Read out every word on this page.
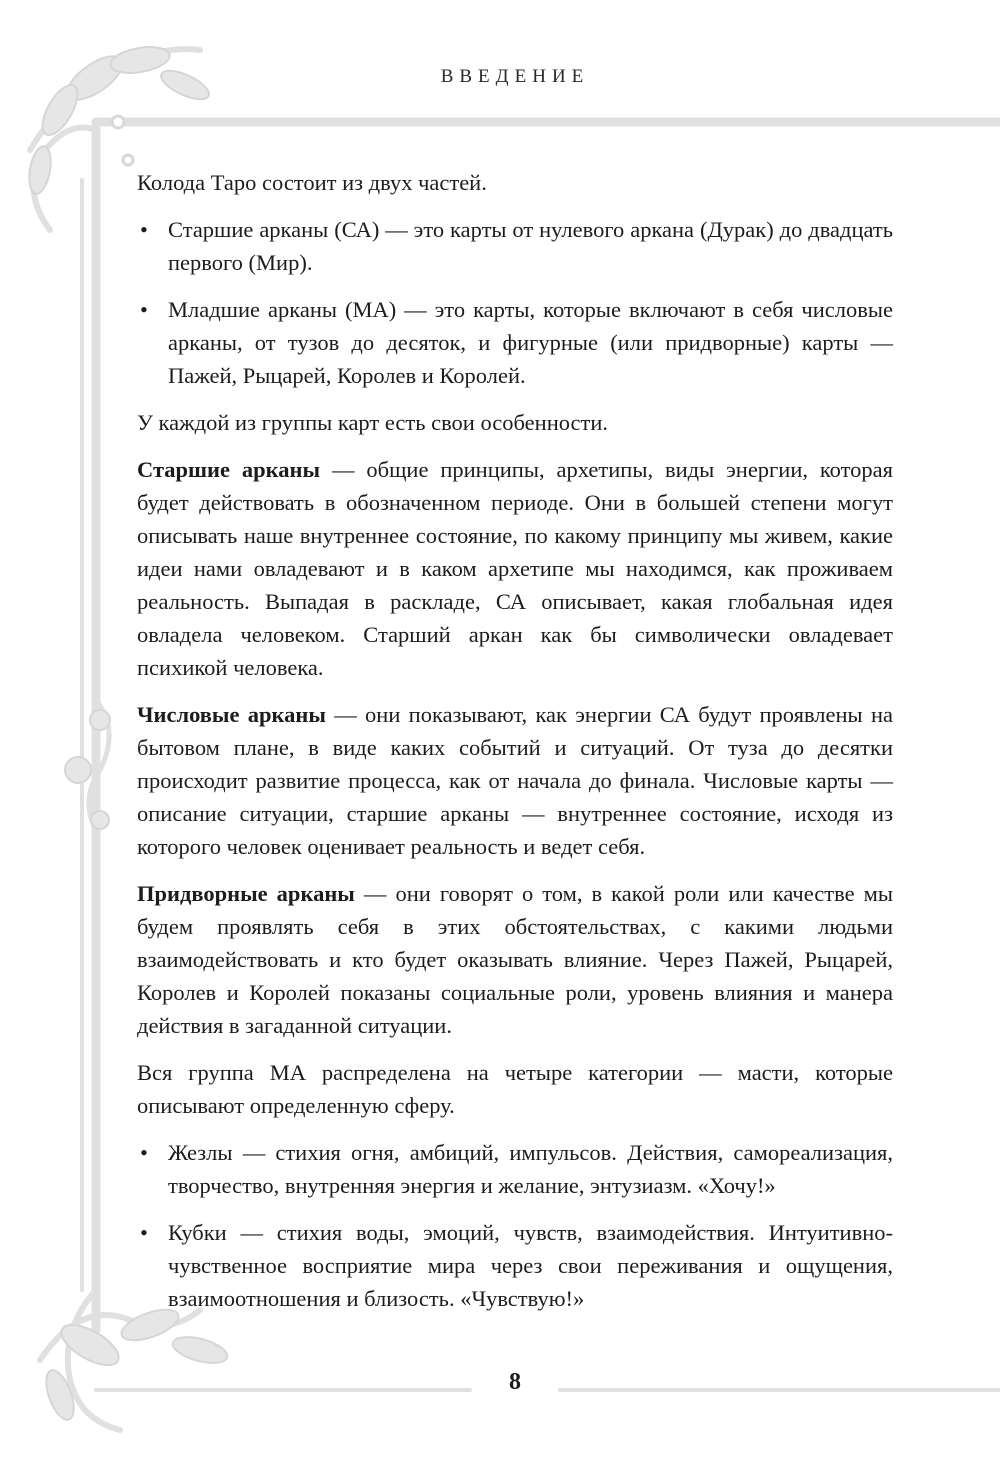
ВВЕДЕНИЕ

Колода Таро состоит из двух частей.

• Старшие арканы (СА) — это карты от нулевого аркана (Дурак) до двадцать первого (Мир).
• Младшие арканы (МА) — это карты, которые включают в себя числовые арканы, от тузов до десяток, и фигурные (или придворные) карты — Пажей, Рыцарей, Королев и Королей.

У каждой из группы карт есть свои особенности.

Старшие арканы — общие принципы, архетипы, виды энергии, которая будет действовать в обозначенном периоде. Они в большей степени могут описывать наше внутреннее состояние, по какому принципу мы живем, какие идеи нами овладевают и в каком архетипе мы находимся, как проживаем реальность. Выпадая в раскладе, СА описывает, какая глобальная идея овладела человеком. Старший аркан как бы символически овладевает психикой человека.

Числовые арканы — они показывают, как энергии СА будут проявлены на бытовом плане, в виде каких событий и ситуаций. От туза до десятки происходит развитие процесса, как от начала до финала. Числовые карты — описание ситуации, старшие арканы — внутреннее состояние, исходя из которого человек оценивает реальность и ведет себя.

Придворные арканы — они говорят о том, в какой роли или качестве мы будем проявлять себя в этих обстоятельствах, с какими людьми взаимодействовать и кто будет оказывать влияние. Через Пажей, Рыцарей, Королев и Королей показаны социальные роли, уровень влияния и манера действия в загаданной ситуации.

Вся группа МА распределена на четыре категории — масти, которые описывают определенную сферу.

• Жезлы — стихия огня, амбиций, импульсов. Действия, самореализация, творчество, внутренняя энергия и желание, энтузиазм. «Хочу!»
• Кубки — стихия воды, эмоций, чувств, взаимодействия. Интуитивно-чувственное восприятие мира через свои переживания и ощущения, взаимоотношения и близость. «Чувствую!»
8
